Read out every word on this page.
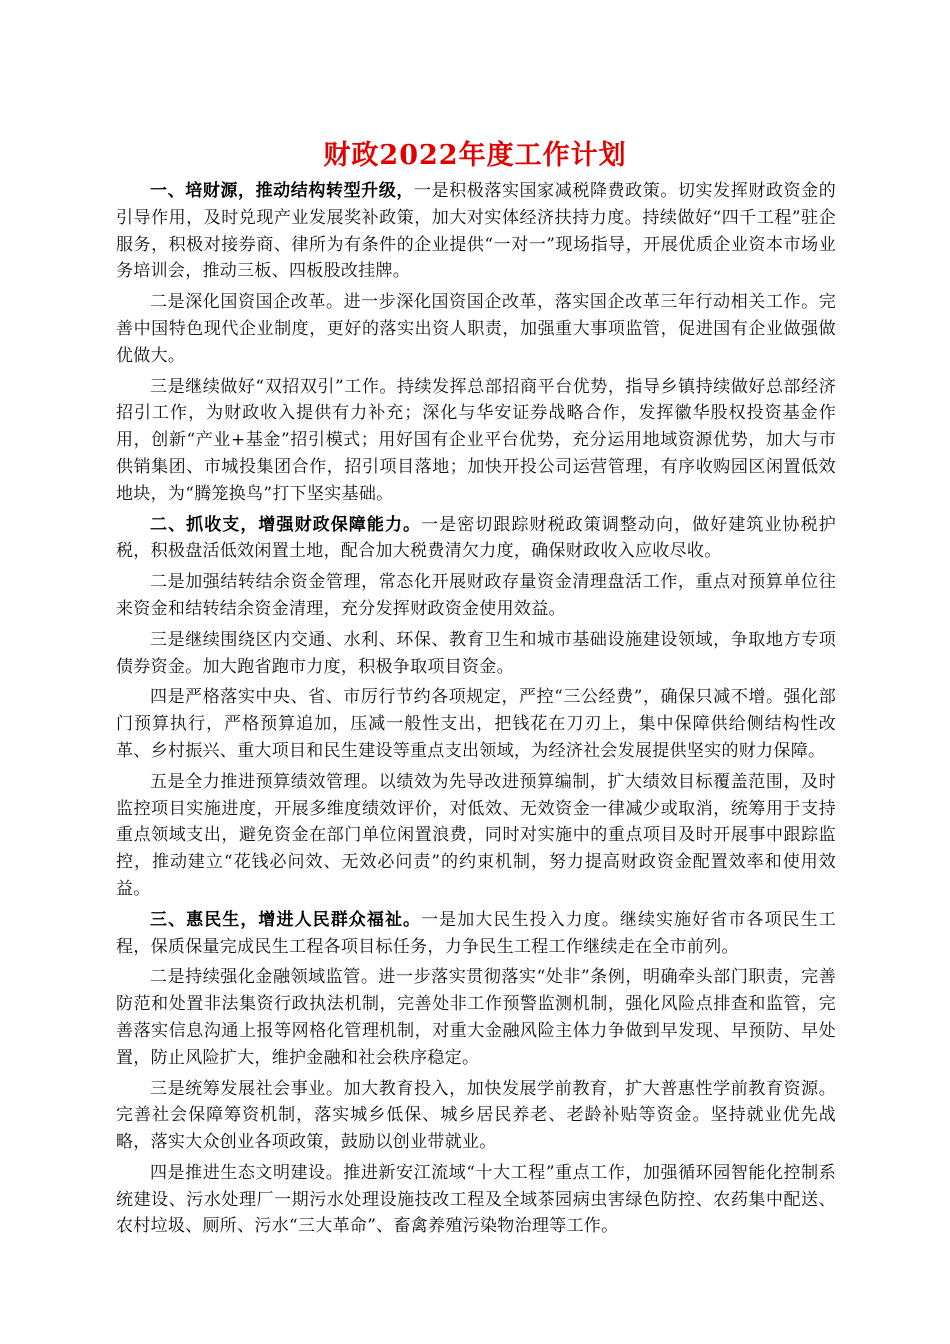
财政2022年度工作计划

一、培财源，推动结构转型升级，一是积极落实国家减税降费政策。切实发挥财政资金的引导作用，及时兑现产业发展奖补政策，加大对实体经济扶持力度。持续做好“四千工程”驻企服务，积极对接券商、律所为有条件的企业提供“一对一”现场指导，开展优质企业资本市场业务培训会，推动三板、四板股改挂牌。

二是深化国资国企改革。进一步深化国资国企改革，落实国企改革三年行动相关工作。完善中国特色现代企业制度，更好的落实出资人职责，加强重大事项监管，促进国有企业做强做优做大。

三是继续做好“双招双引”工作。持续发挥总部招商平台优势，指导乡镇持续做好总部经济招引工作，为财政收入提供有力补充；深化与华安证券战略合作，发挥徽华股权投资基金作用，创新“产业+基金”招引模式；用好国有企业平台优势，充分运用地域资源优势，加大与市供销集团、市城投集团合作，招引项目落地；加快开投公司运营管理，有序收购园区闲置低效地块，为“腾笼换鸟”打下坚实基础。

二、抓收支，增强财政保障能力。一是密切跟踪财税政策调整动向，做好建筑业协税护税，积极盘活低效闲置土地，配合加大税费清欠力度，确保财政收入应收尽收。

二是加强结转结余资金管理，常态化开展财政存量资金清理盘活工作，重点对预算单位往来资金和结转结余资金清理，充分发挥财政资金使用效益。

三是继续围绕区内交通、水利、环保、教育卫生和城市基础设施建设领域，争取地方专项债券资金。加大跑省跑市力度，积极争取项目资金。

四是严格落实中央、省、市厉行节约各项规定，严控“三公经费”，确保只减不增。强化部门预算执行，严格预算追加，压减一般性支出，把钱花在刀刃上，集中保障供给侧结构性改革、乡村振兴、重大项目和民生建设等重点支出领域，为经济社会发展提供坚实的财力保障。

五是全力推进预算绩效管理。以绩效为先导改进预算编制，扩大绩效目标覆盖范围，及时监控项目实施进度，开展多维度绩效评价，对低效、无效资金一律减少或取消，统筹用于支持重点领域支出，避免资金在部门单位闲置浪费，同时对实施中的重点项目及时开展事中跟踪监控，推动建立“花钱必问效、无效必问责”的约束机制，努力提高财政资金配置效率和使用效益。

三、惠民生，增进人民群众福祉。一是加大民生投入力度。继续实施好省市各项民生工程，保质保量完成民生工程各项目标任务，力争民生工程工作继续走在全市前列。

二是持续强化金融领域监管。进一步落实贯彻落实“处非”条例，明确牵头部门职责，完善防范和处置非法集资行政执法机制，完善处非工作预警监测机制，强化风险点排查和监管，完善落实信息沟通上报等网格化管理机制，对重大金融风险主体力争做到早发现、早预防、早处置，防止风险扩大，维护金融和社会秩序稳定。

三是统筹发展社会事业。加大教育投入，加快发展学前教育，扩大普惠性学前教育资源。完善社会保障筹资机制，落实城乡低保、城乡居民养老、老龄补贴等资金。坚持就业优先战略，落实大众创业各项政策，鼓励以创业带就业。

四是推进生态文明建设。推进新安江流域“十大工程”重点工作，加强循环园智能化控制系统建设、污水处理厂一期污水处理设施技改工程及全域茶园病虫害绿色防控、农药集中配送、农村垃圾、厕所、污水“三大革命”、畜禽养殖污染物治理等工作。
